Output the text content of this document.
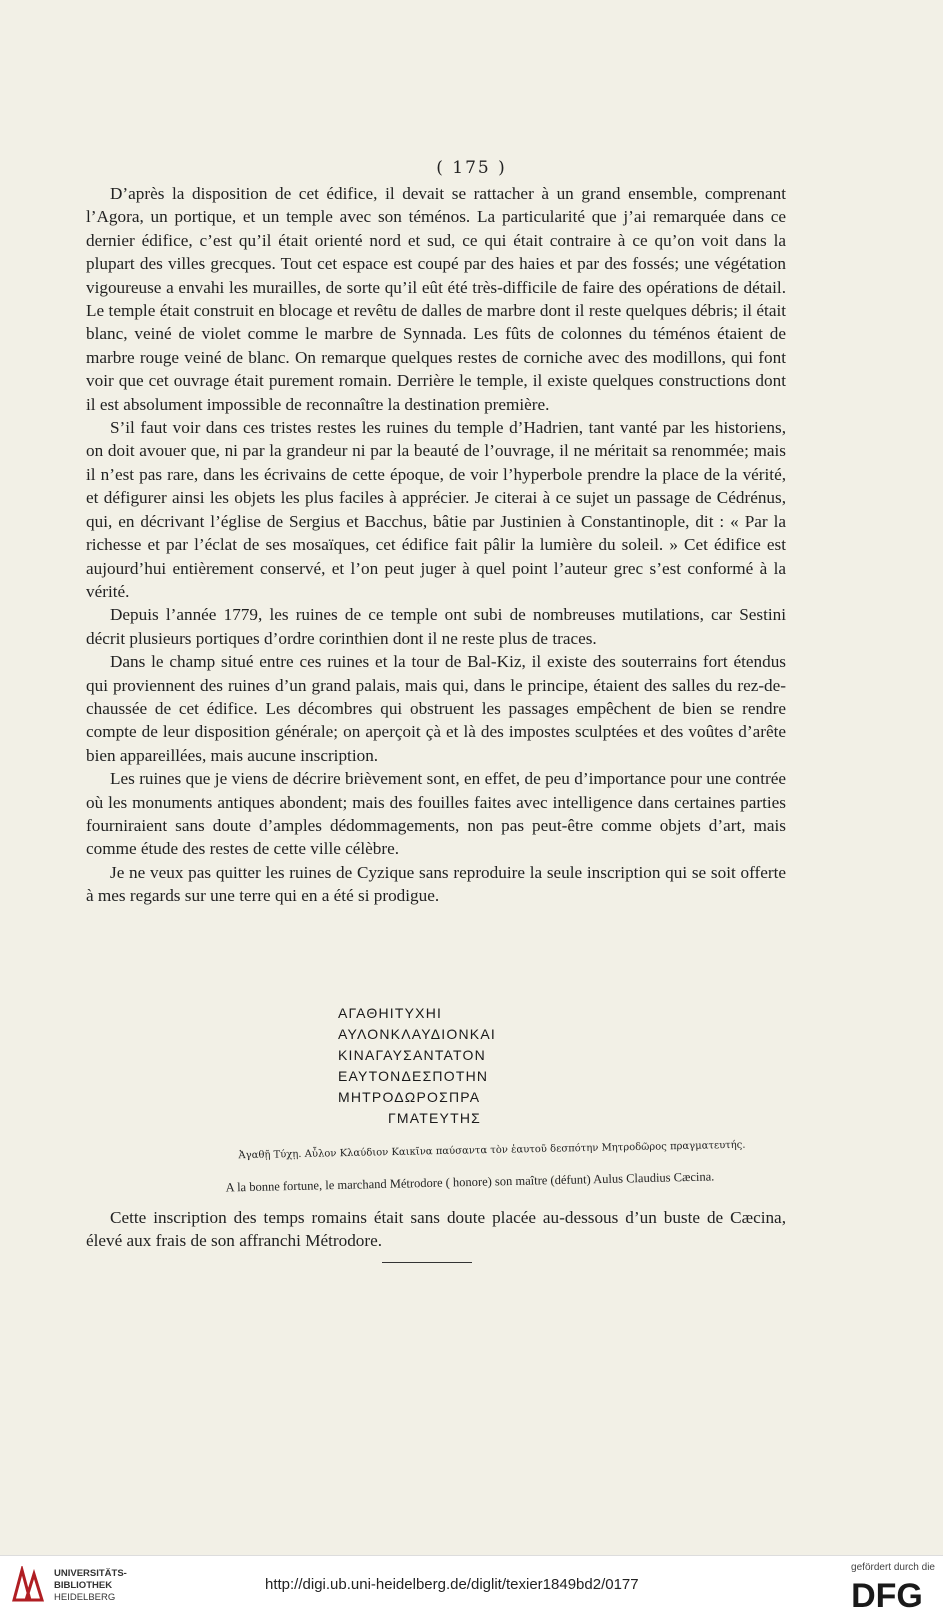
( 175 )

D’après la disposition de cet édifice, il devait se rattacher à un grand ensemble, comprenant l’Agora, un portique, et un temple avec son téménos. La particularité que j’ai remarquée dans ce dernier édifice, c’est qu’il était orienté nord et sud, ce qui était contraire à ce qu’on voit dans la plupart des villes grecques. Tout cet espace est coupé par des haies et par des fossés; une végétation vigoureuse a envahi les murailles, de sorte qu’il eût été très-difficile de faire des opérations de détail. Le temple était construit en blocage et revêtu de dalles de marbre dont il reste quelques débris; il était blanc, veiné de violet comme le marbre de Synnada. Les fûts de colonnes du téménos étaient de marbre rouge veiné de blanc. On remarque quelques restes de corniche avec des modillons, qui font voir que cet ouvrage était purement romain. Derrière le temple, il existe quelques constructions dont il est absolument impossible de reconnaître la destination première.

S’il faut voir dans ces tristes restes les ruines du temple d’Hadrien, tant vanté par les historiens, on doit avouer que, ni par la grandeur ni par la beauté de l’ouvrage, il ne méritait sa renommée; mais il n’est pas rare, dans les écrivains de cette époque, de voir l’hyperbole prendre la place de la vérité, et défigurer ainsi les objets les plus faciles à apprécier. Je citerai à ce sujet un passage de Cédrénus, qui, en décrivant l’église de Sergius et Bacchus, bâtie par Justinien à Constantinople, dit : « Par la richesse et par l’éclat de ses mosaïques, cet édifice fait pâlir la lumière du soleil. » Cet édifice est aujourd’hui entièrement conservé, et l’on peut juger à quel point l’auteur grec s’est conformé à la vérité.

Depuis l’année 1779, les ruines de ce temple ont subi de nombreuses mutilations, car Sestini décrit plusieurs portiques d’ordre corinthien dont il ne reste plus de traces.

Dans le champ situé entre ces ruines et la tour de Bal-Kiz, il existe des souterrains fort étendus qui proviennent des ruines d’un grand palais, mais qui, dans le principe, étaient des salles du rez-de-chaussée de cet édifice. Les décombres qui obstruent les passages empêchent de bien se rendre compte de leur disposition générale; on aperçoit çà et là des impostes sculptées et des voûtes d’arête bien appareillées, mais aucune inscription.

Les ruines que je viens de décrire brièvement sont, en effet, de peu d’importance pour une contrée où les monuments antiques abondent; mais des fouilles faites avec intelligence dans certaines parties fourniraient sans doute d’amples dédommagements, non pas peut-être comme objets d’art, mais comme étude des restes de cette ville célèbre.

Je ne veux pas quitter les ruines de Cyzique sans reproduire la seule inscription qui se soit offerte à mes regards sur une terre qui en a été si prodigue.

ΑΓΑΘΗΙΤΥΧΗΙ
ΑΥΛΟΝΚΛΑΥΔΙΟΝΚΑΙ
ΚΙΝΑΓΑΥΣΑΝΤΑΤΟΝ
ΕΑΥΤΟΝΔΕΣΠΟΤΗΝ
ΜΗΤΡΟΔΩΡΟΣΠΡΑ
ΓΜΑΤΕΥΤΗΣ
Ἀγαθῇ Τύχῃ. Αὖλον Κλαύδιον Καικῖνα παύσαντα τὸν ἑαυτοῦ δεσπότην Μητροδῶρος πραγματευτής.
A la bonne fortune, le marchand Métrodore ( honore) son maître (défunt) Aulus Claudius Cæcina.

Cette inscription des temps romains était sans doute placée au-dessous d’un buste de Cæcina, élevé aux frais de son affranchi Métrodore.

UNIVERSITÄTS-
BIBLIOTHEK
HEIDELBERG
http://digi.ub.uni-heidelberg.de/diglit/texier1849bd2/0177
gefördert durch die
DFG
